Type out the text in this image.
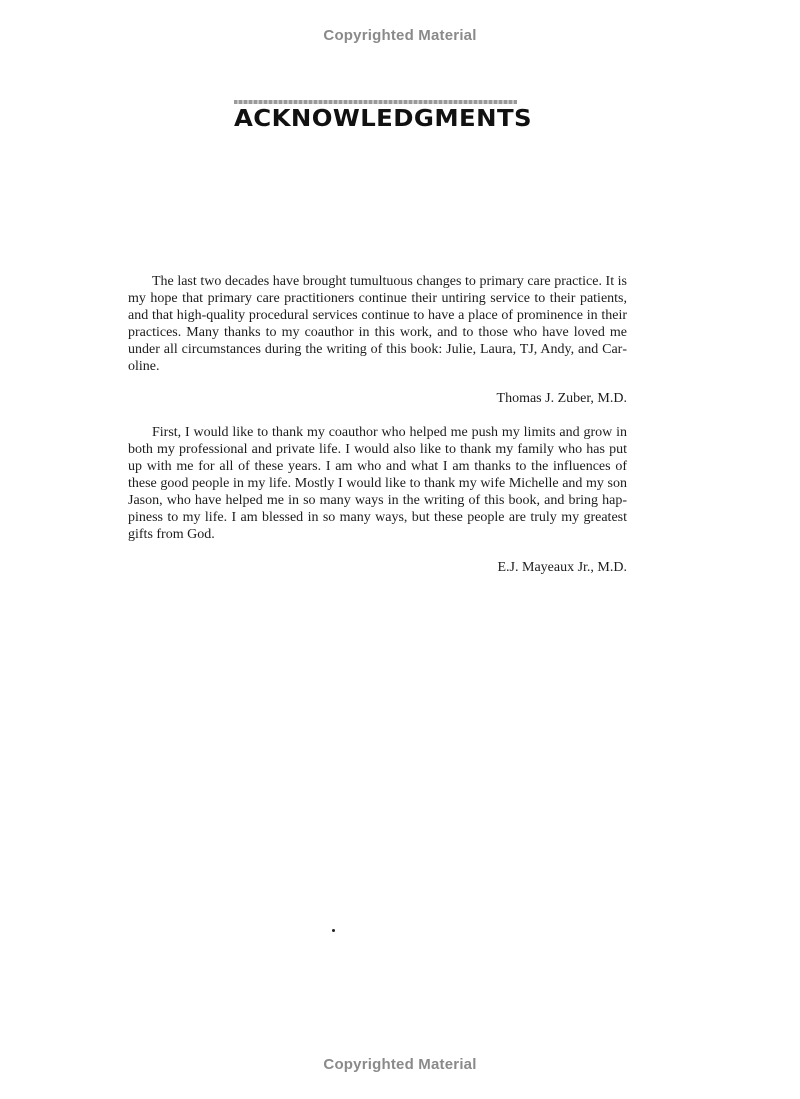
Copyrighted Material
ACKNOWLEDGMENTS

The last two decades have brought tumultuous changes to primary care practice. It is my hope that primary care practitioners continue their untiring service to their patients, and that high-quality procedural services continue to have a place of prominence in their practices. Many thanks to my coauthor in this work, and to those who have loved me under all circumstances during the writing of this book: Julie, Laura, TJ, Andy, and Caroline.

Thomas J. Zuber, M.D.

First, I would like to thank my coauthor who helped me push my limits and grow in both my professional and private life. I would also like to thank my family who has put up with me for all of these years. I am who and what I am thanks to the influences of these good people in my life. Mostly I would like to thank my wife Michelle and my son Jason, who have helped me in so many ways in the writing of this book, and bring happiness to my life. I am blessed in so many ways, but these people are truly my greatest gifts from God.

E.J. Mayeaux Jr., M.D.
Copyrighted Material
